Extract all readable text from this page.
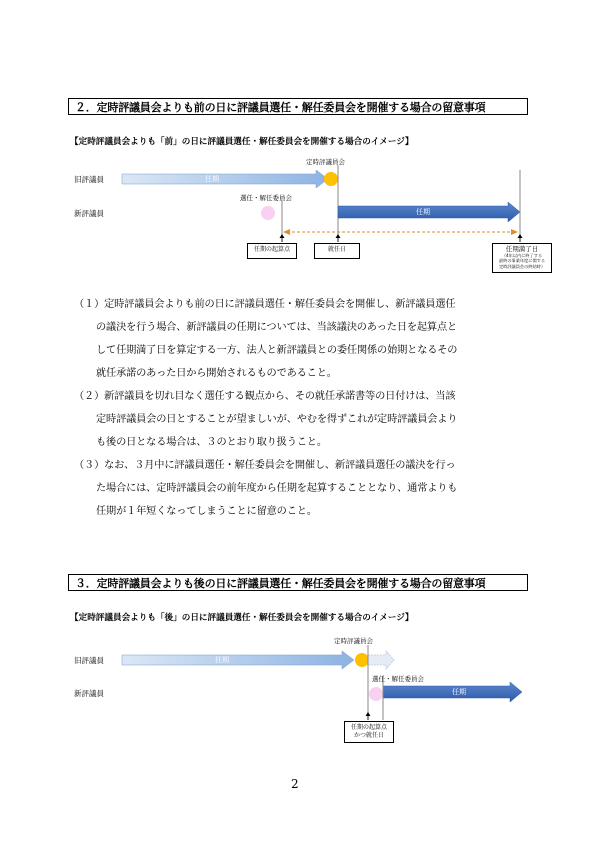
２．定時評議員会よりも前の日に評議員選任・解任委員会を開催する場合の留意事項
【定時評議員会よりも「前」の日に評議員選任・解任委員会を開催する場合のイメージ】
旧評議員
新評議員
任期
任期
定時評議員会
選任・解任委員会
任期の起算点	就任日	任期満了日
（4年以内に終了する
最終の事業年度に関する
定時評議員会の終結時）
（１）定時評議員会よりも前の日に評議員選任・解任委員会を開催し、新評議員選任
の議決を行う場合、新評議員の任期については、当該議決のあった日を起算点と
して任期満了日を算定する一方、法人と新評議員との委任関係の始期となるその
就任承諾のあった日から開始されるものであること。
（２）新評議員を切れ目なく選任する観点から、その就任承諾書等の日付けは、当該
定時評議員会の日とすることが望ましいが、やむを得ずこれが定時評議員会より
も後の日となる場合は、３のとおり取り扱うこと。
（３）なお、３月中に評議員選任・解任委員会を開催し、新評議員選任の議決を行っ
た場合には、定時評議員会の前年度から任期を起算することとなり、通常よりも
任期が１年短くなってしまうことに留意のこと。
３．定時評議員会よりも後の日に評議員選任・解任委員会を開催する場合の留意事項
【定時評議員会よりも「後」の日に評議員選任・解任委員会を開催する場合のイメージ】
旧評議員
新評議員
任期
任期
定時評議員会
選任・解任委員会
任期の起算点
かつ就任日
2
